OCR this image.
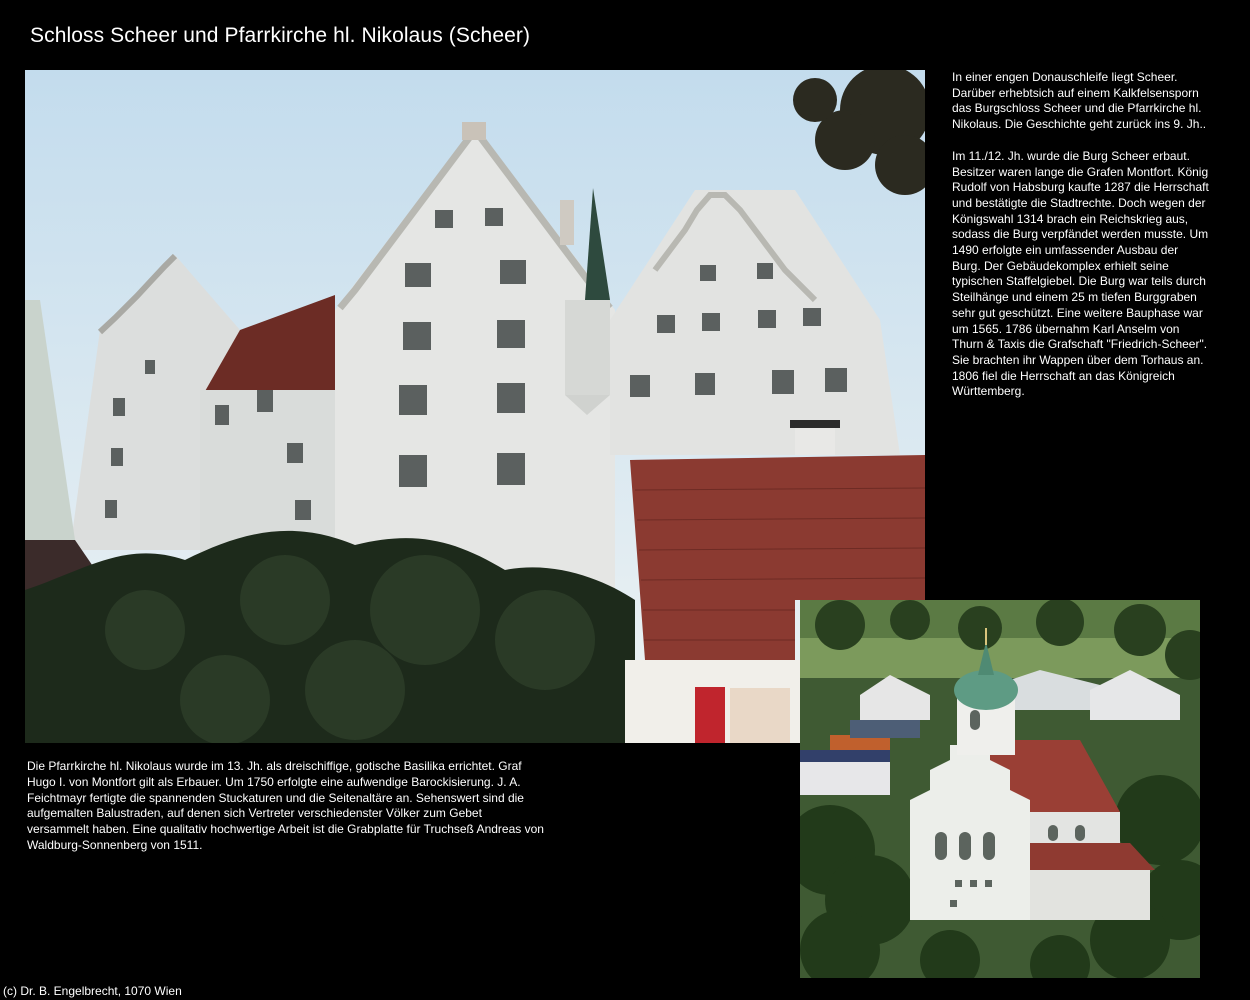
Schloss Scheer und Pfarrkirche hl. Nikolaus (Scheer)

In einer engen Donauschleife liegt Scheer. Darüber erhebtsich auf einem Kalkfelsensporn das Burgschloss Scheer und die Pfarrkirche hl. Nikolaus. Die Geschichte geht zurück ins 9. Jh..

Im 11./12. Jh. wurde die Burg Scheer erbaut. Besitzer waren lange die Grafen Montfort. König Rudolf von Habsburg kaufte 1287 die Herrschaft und bestätigte die Stadtrechte. Doch wegen der Königswahl 1314 brach ein Reichskrieg aus, sodass die Burg verpfändet werden musste. Um 1490 erfolgte ein umfassender Ausbau der Burg. Der Gebäudekomplex erhielt seine typischen Staffelgiebel. Die Burg war teils durch Steilhänge und einem 25 m tiefen Burggraben sehr gut geschützt. Eine weitere Bauphase war um 1565. 1786 übernahm Karl Anselm von Thurn & Taxis die Grafschaft "Friedrich-Scheer". Sie brachten ihr Wappen über dem Torhaus an. 1806 fiel die Herrschaft an das Königreich Württemberg.

Die Pfarrkirche hl. Nikolaus wurde im 13. Jh. als dreischiffige, gotische Basilika errichtet. Graf Hugo I. von Montfort gilt als Erbauer. Um 1750 erfolgte eine aufwendige Barockisierung. J. A. Feichtmayr fertigte die spannenden Stuckaturen und die Seitenaltäre an. Sehenswert sind die aufgemalten Balustraden, auf denen sich Vertreter verschiedenster Völker zum Gebet versammelt haben. Eine qualitativ hochwertige Arbeit ist die Grabplatte für Truchseß Andreas von Waldburg-Sonnenberg von 1511.
(c) Dr. B. Engelbrecht, 1070 Wien
